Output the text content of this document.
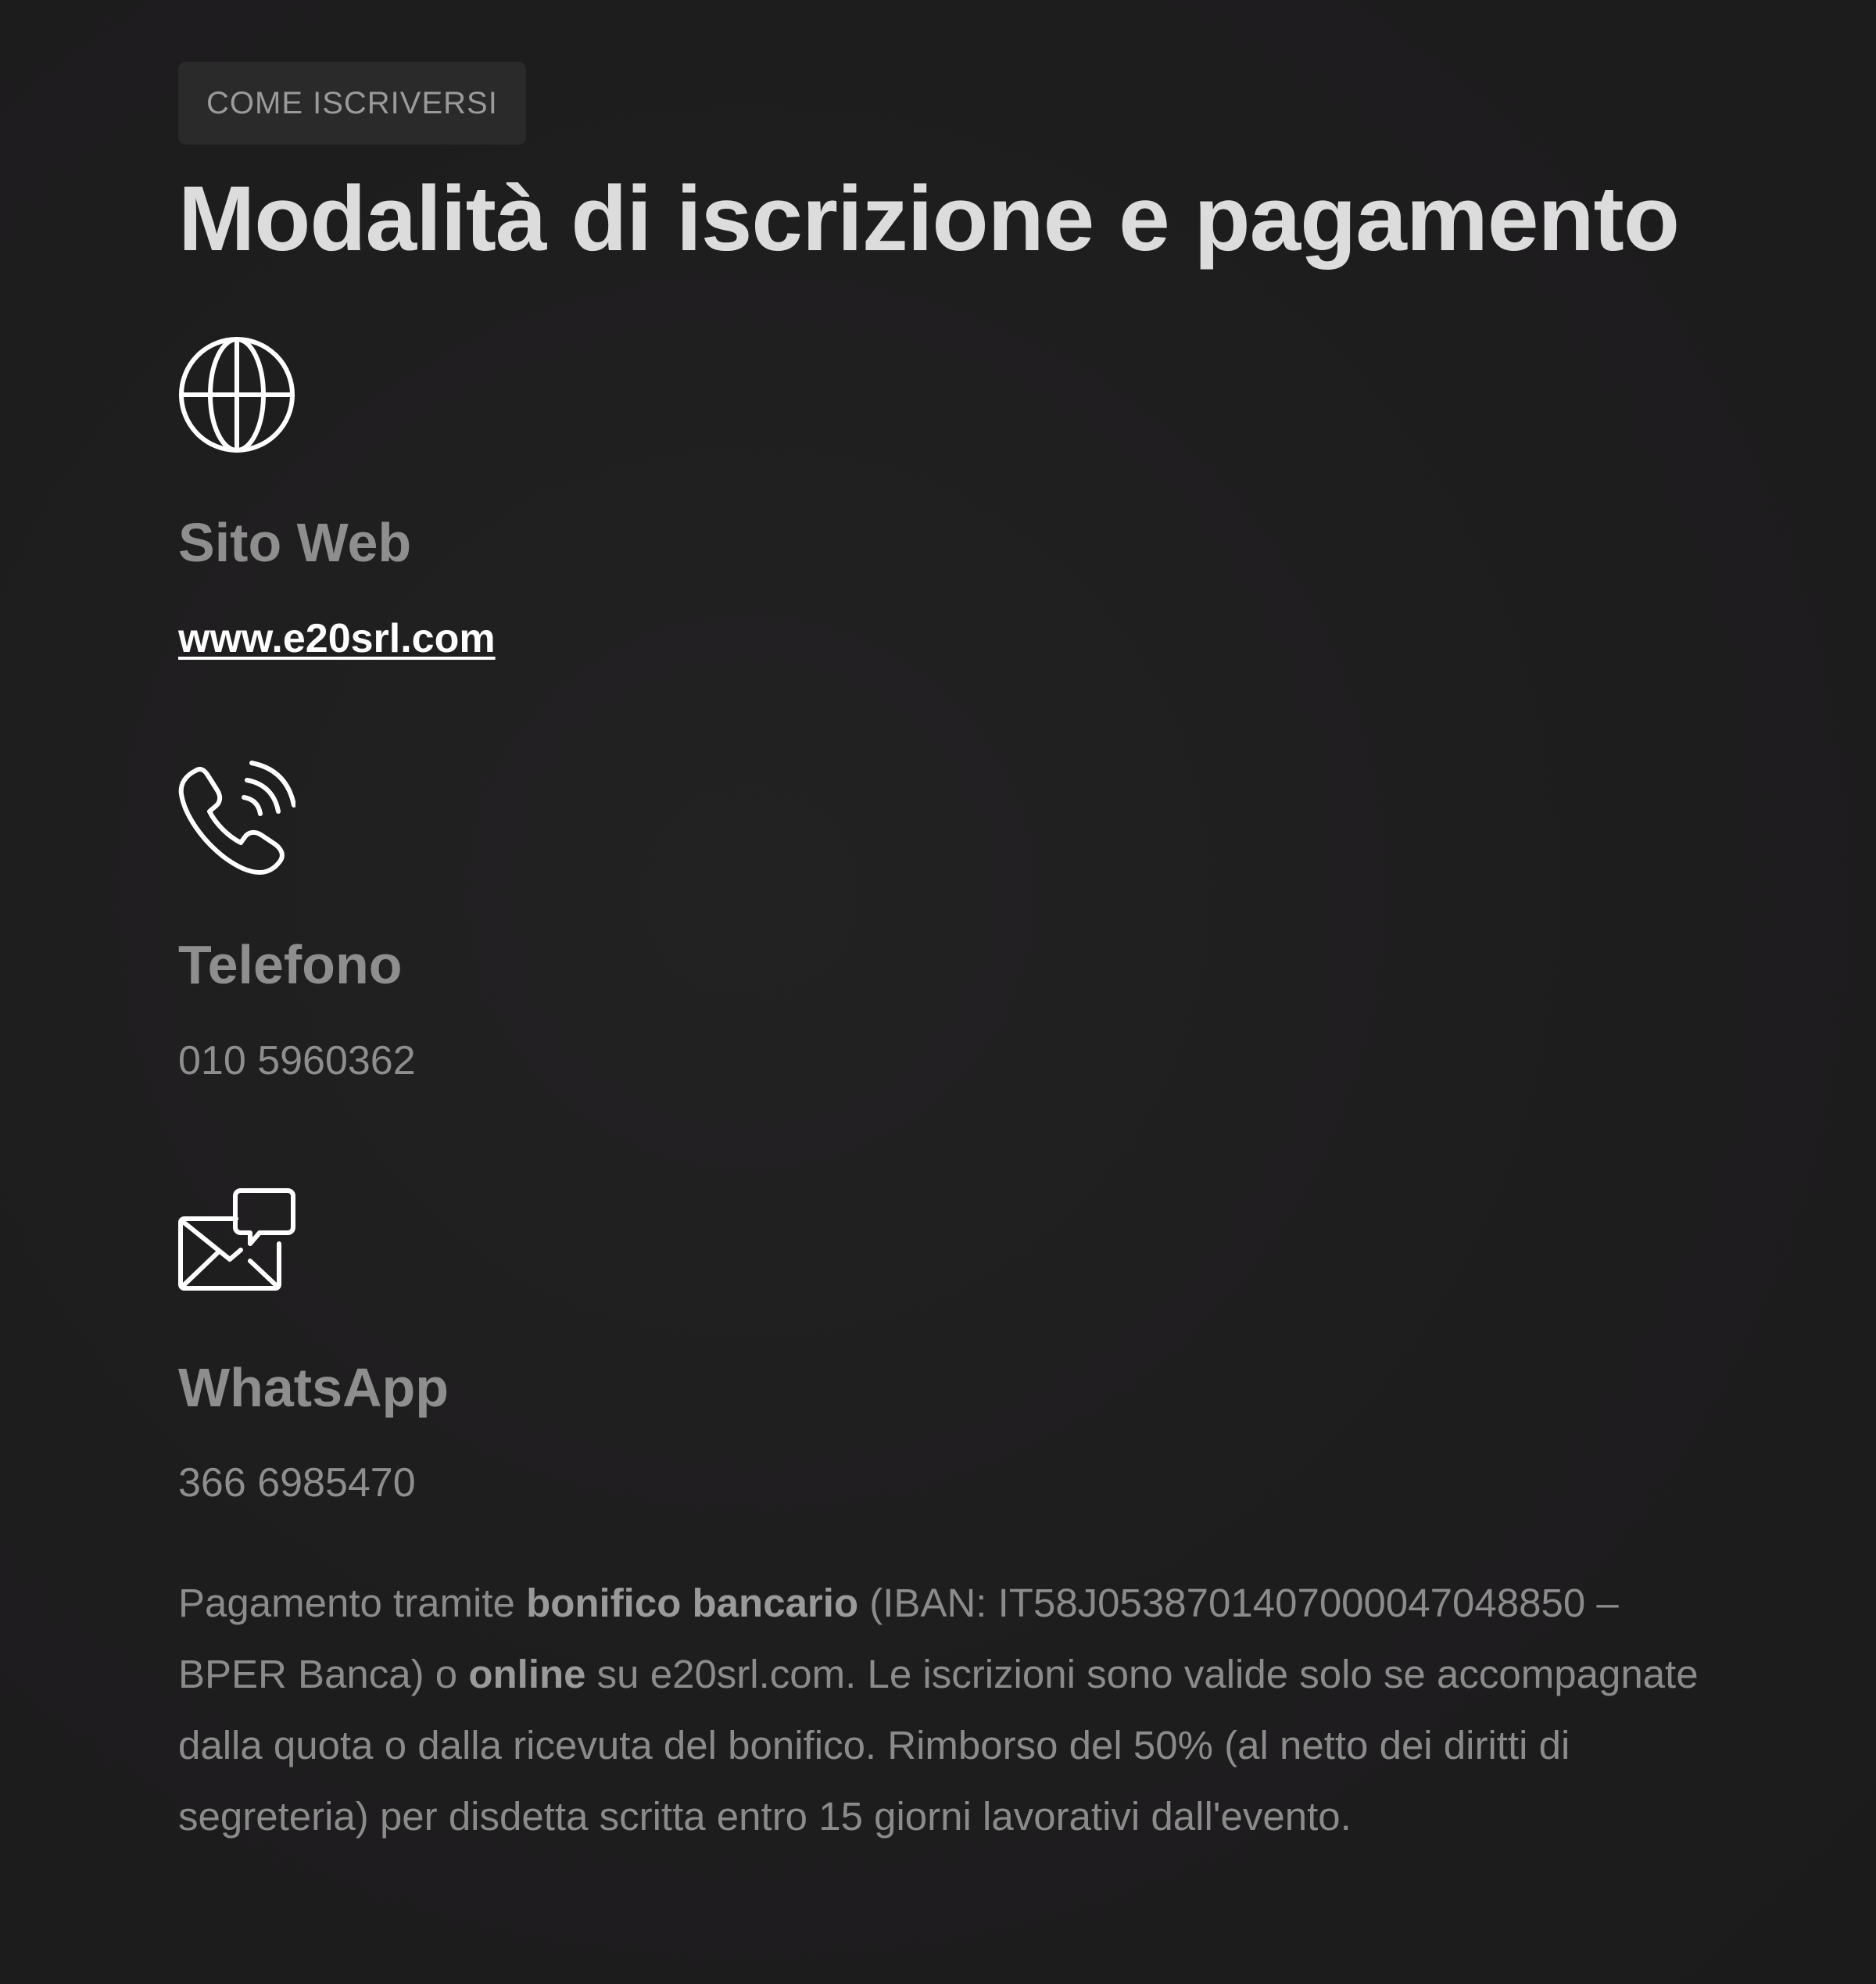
COME ISCRIVERSI
Modalità di iscrizione e pagamento
Sito Web
www.e20srl.com
Telefono
010 5960362
WhatsApp
366 6985470

Pagamento tramite bonifico bancario (IBAN: IT58J0538701407000047048850 – BPER Banca) o online su e20srl.com. Le iscrizioni sono valide solo se accompagnate dalla quota o dalla ricevuta del bonifico. Rimborso del 50% (al netto dei diritti di segreteria) per disdetta scritta entro 15 giorni lavorativi dall'evento.
